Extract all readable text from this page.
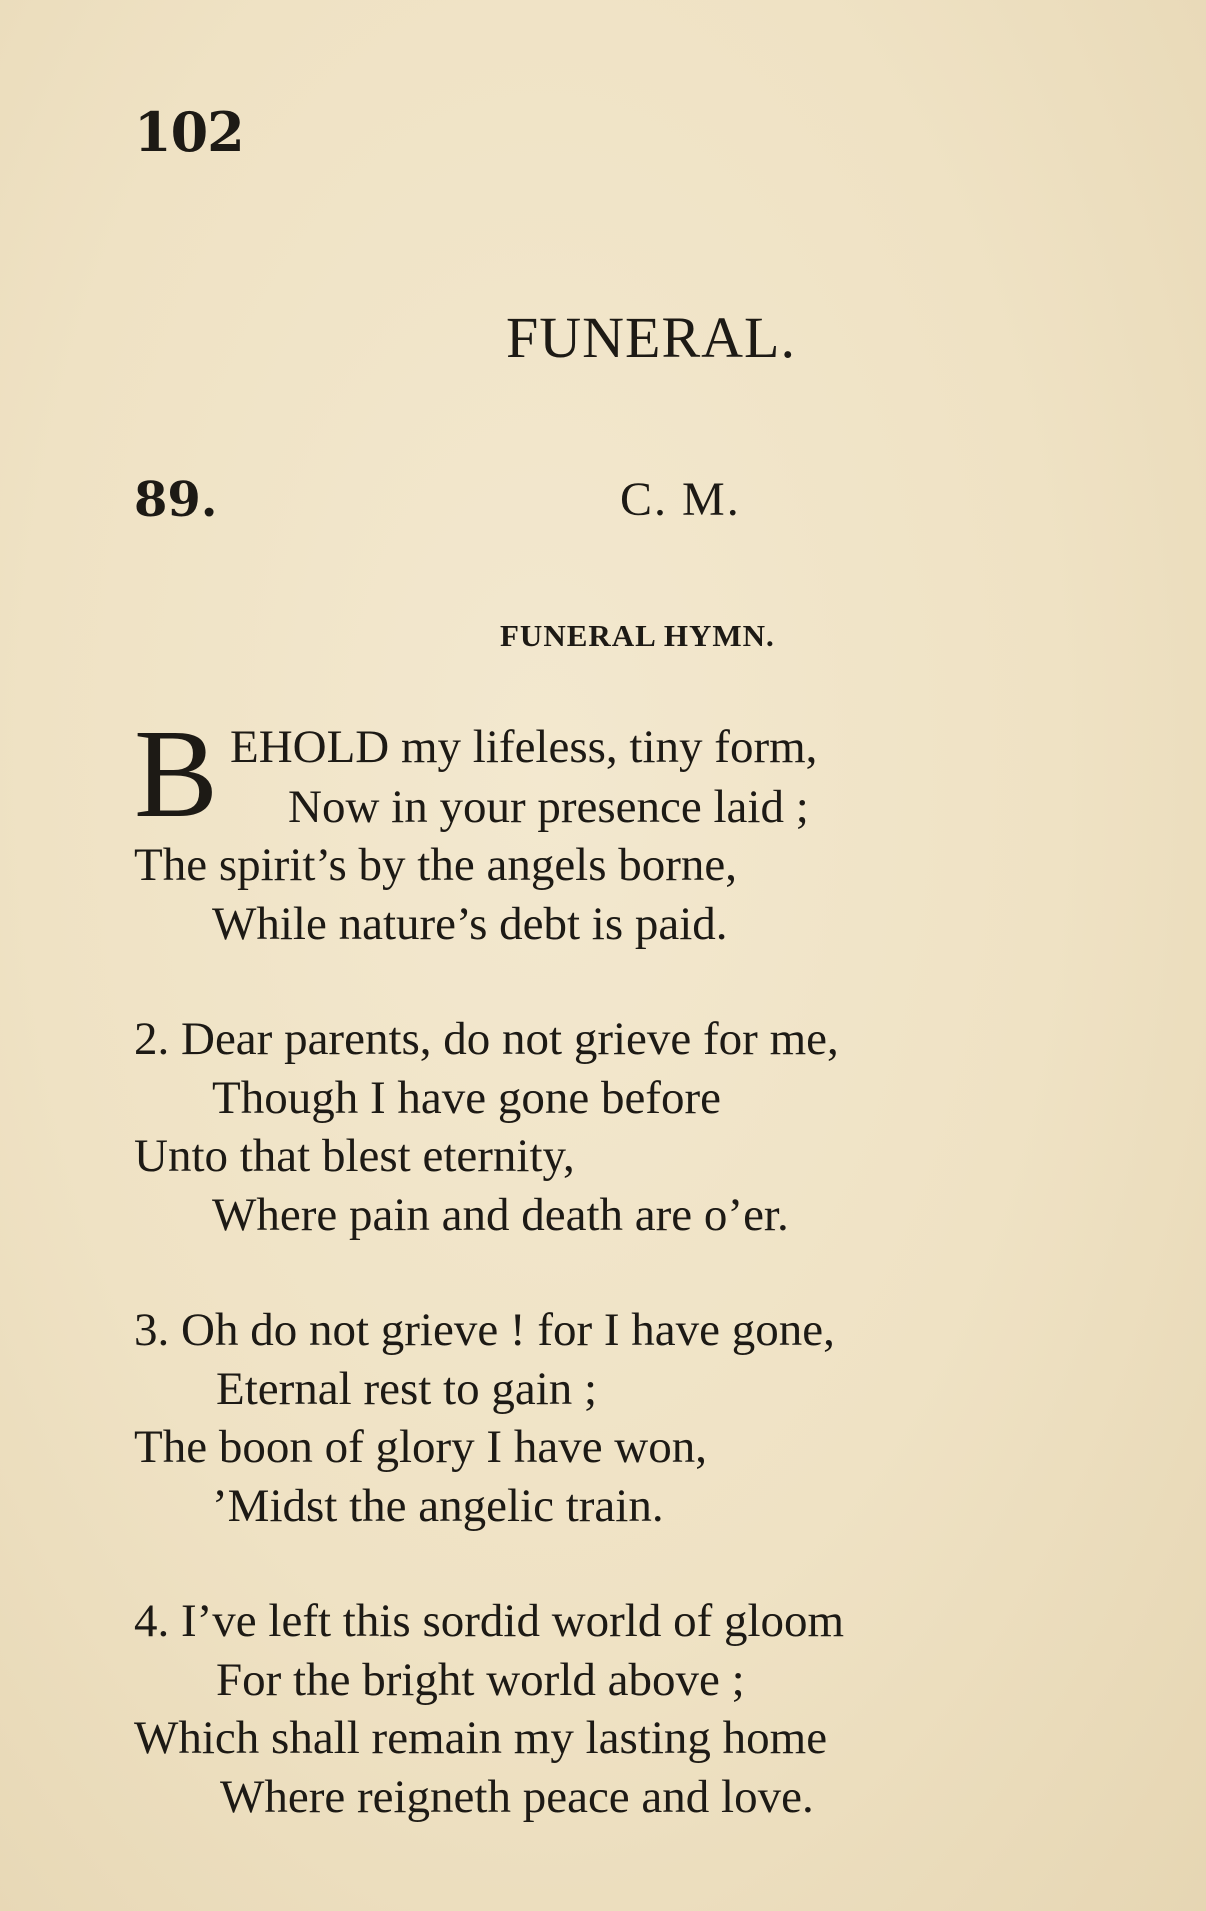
102
FUNERAL.
89.	C. M.
FUNERAL HYMN.
B EHOLD my lifeless, tiny form,
Now in your presence laid ;
The spirit’s by the angels borne,
While nature’s debt is paid.
2. Dear parents, do not grieve for me,
Though I have gone before
Unto that blest eternity,
Where pain and death are o’er.
3. Oh do not grieve ! for I have gone,
Eternal rest to gain ;
The boon of glory I have won,
’Midst the angelic train.
4. I’ve left this sordid world of gloom
For the bright world above ;
Which shall remain my lasting home
Where reigneth peace and love.
